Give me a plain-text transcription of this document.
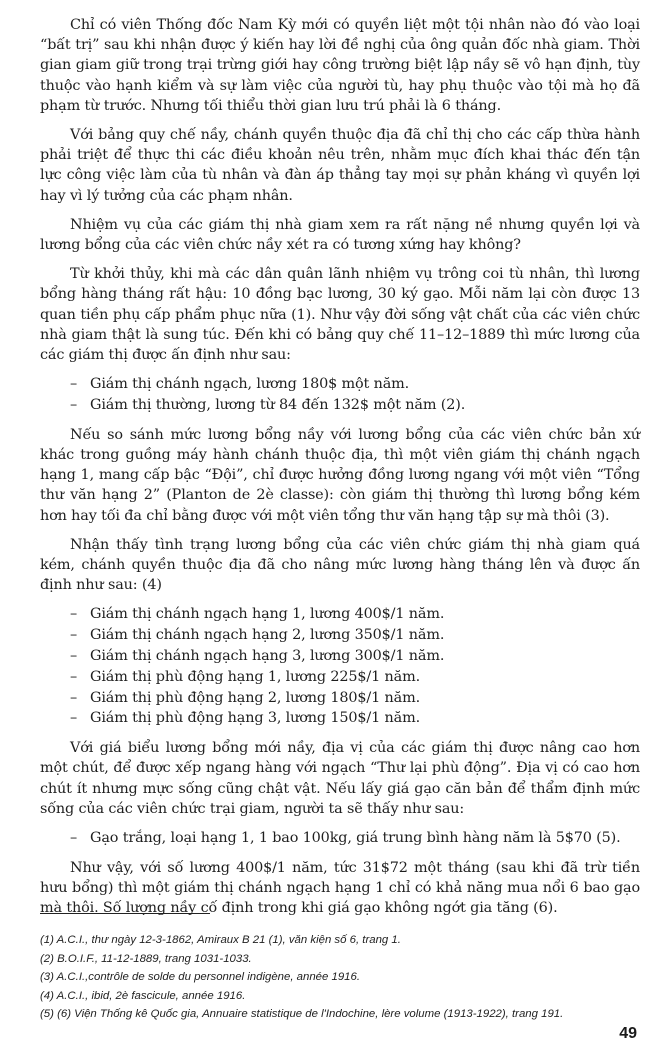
Chỉ có viên Thống đốc Nam Kỳ mới có quyền liệt một tội nhân nào đó vào loại “bất trị” sau khi nhận được ý kiến hay lời đề nghị của ông quản đốc nhà giam. Thời gian giam giữ trong trại trừng giới hay công trường biệt lập nầy sẽ vô hạn định, tùy thuộc vào hạnh kiểm và sự làm việc của người tù, hay phụ thuộc vào tội mà họ đã phạm từ trước. Nhưng tối thiểu thời gian lưu trú phải là 6 tháng.

Với bảng quy chế nầy, chánh quyền thuộc địa đã chỉ thị cho các cấp thừa hành phải triệt để thực thi các điều khoản nêu trên, nhằm mục đích khai thác đến tận lực công việc làm của tù nhân và đàn áp thẳng tay mọi sự phản kháng vì quyền lợi hay vì lý tưởng của các phạm nhân.

Nhiệm vụ của các giám thị nhà giam xem ra rất nặng nề nhưng quyền lợi và lương bổng của các viên chức nầy xét ra có tương xứng hay không?

Từ khởi thủy, khi mà các dân quân lãnh nhiệm vụ trông coi tù nhân, thì lương bổng hàng tháng rất hậu: 10 đồng bạc lương, 30 ký gạo. Mỗi năm lại còn được 13 quan tiền phụ cấp phẩm phục nữa (1). Như vậy đời sống vật chất của các viên chức nhà giam thật là sung túc. Đến khi có bảng quy chế 11–12–1889 thì mức lương của các giám thị được ấn định như sau:

– Giám thị chánh ngạch, lương 180$ một năm.
– Giám thị thường, lương từ 84 đến 132$ một năm (2).

Nếu so sánh mức lương bổng nầy với lương bổng của các viên chức bản xứ khác trong guồng máy hành chánh thuộc địa, thì một viên giám thị chánh ngạch hạng 1, mang cấp bậc “Đội”, chỉ được hưởng đồng lương ngang với một viên “Tổng thư văn hạng 2” (Planton de 2è classe): còn giám thị thường thì lương bổng kém hơn hay tối đa chỉ bằng được với một viên tổng thư văn hạng tập sự mà thôi (3).

Nhận thấy tình trạng lương bổng của các viên chức giám thị nhà giam quá kém, chánh quyền thuộc địa đã cho nâng mức lương hàng tháng lên và được ấn định như sau: (4)

– Giám thị chánh ngạch hạng 1, lương 400$/1 năm.
– Giám thị chánh ngạch hạng 2, lương 350$/1 năm.
– Giám thị chánh ngạch hạng 3, lương 300$/1 năm.
– Giám thị phù động hạng 1, lương 225$/1 năm.
– Giám thị phù động hạng 2, lương 180$/1 năm.
– Giám thị phù động hạng 3, lương 150$/1 năm.

Với giá biểu lương bổng mới nầy, địa vị của các giám thị được nâng cao hơn một chút, để được xếp ngang hàng với ngạch “Thư lại phù động”. Địa vị có cao hơn chút ít nhưng mực sống cũng chật vật. Nếu lấy giá gạo căn bản để thẩm định mức sống của các viên chức trại giam, người ta sẽ thấy như sau:

– Gạo trắng, loại hạng 1, 1 bao 100kg, giá trung bình hàng năm là 5$70 (5).

Như vậy, với số lương 400$/1 năm, tức 31$72 một tháng (sau khi đã trừ tiền hưu bổng) thì một giám thị chánh ngạch hạng 1 chỉ có khả năng mua nổi 6 bao gạo mà thôi. Số lượng nầy cố định trong khi giá gạo không ngớt gia tăng (6).

(1) A.C.I., thư ngày 12-3-1862, Amiraux B 21 (1), văn kiện số 6, trang 1.
(2) B.O.I.F., 11-12-1889, trang 1031-1033.
(3) A.C.I.,contrôle de solde du personnel indigène, année 1916.
(4) A.C.I., ibid, 2è fascicule, année 1916.
(5) (6) Viện Thống kê Quốc gia, Annuaire statistique de l'Indochine, lère volume (1913-1922), trang 191.
49
